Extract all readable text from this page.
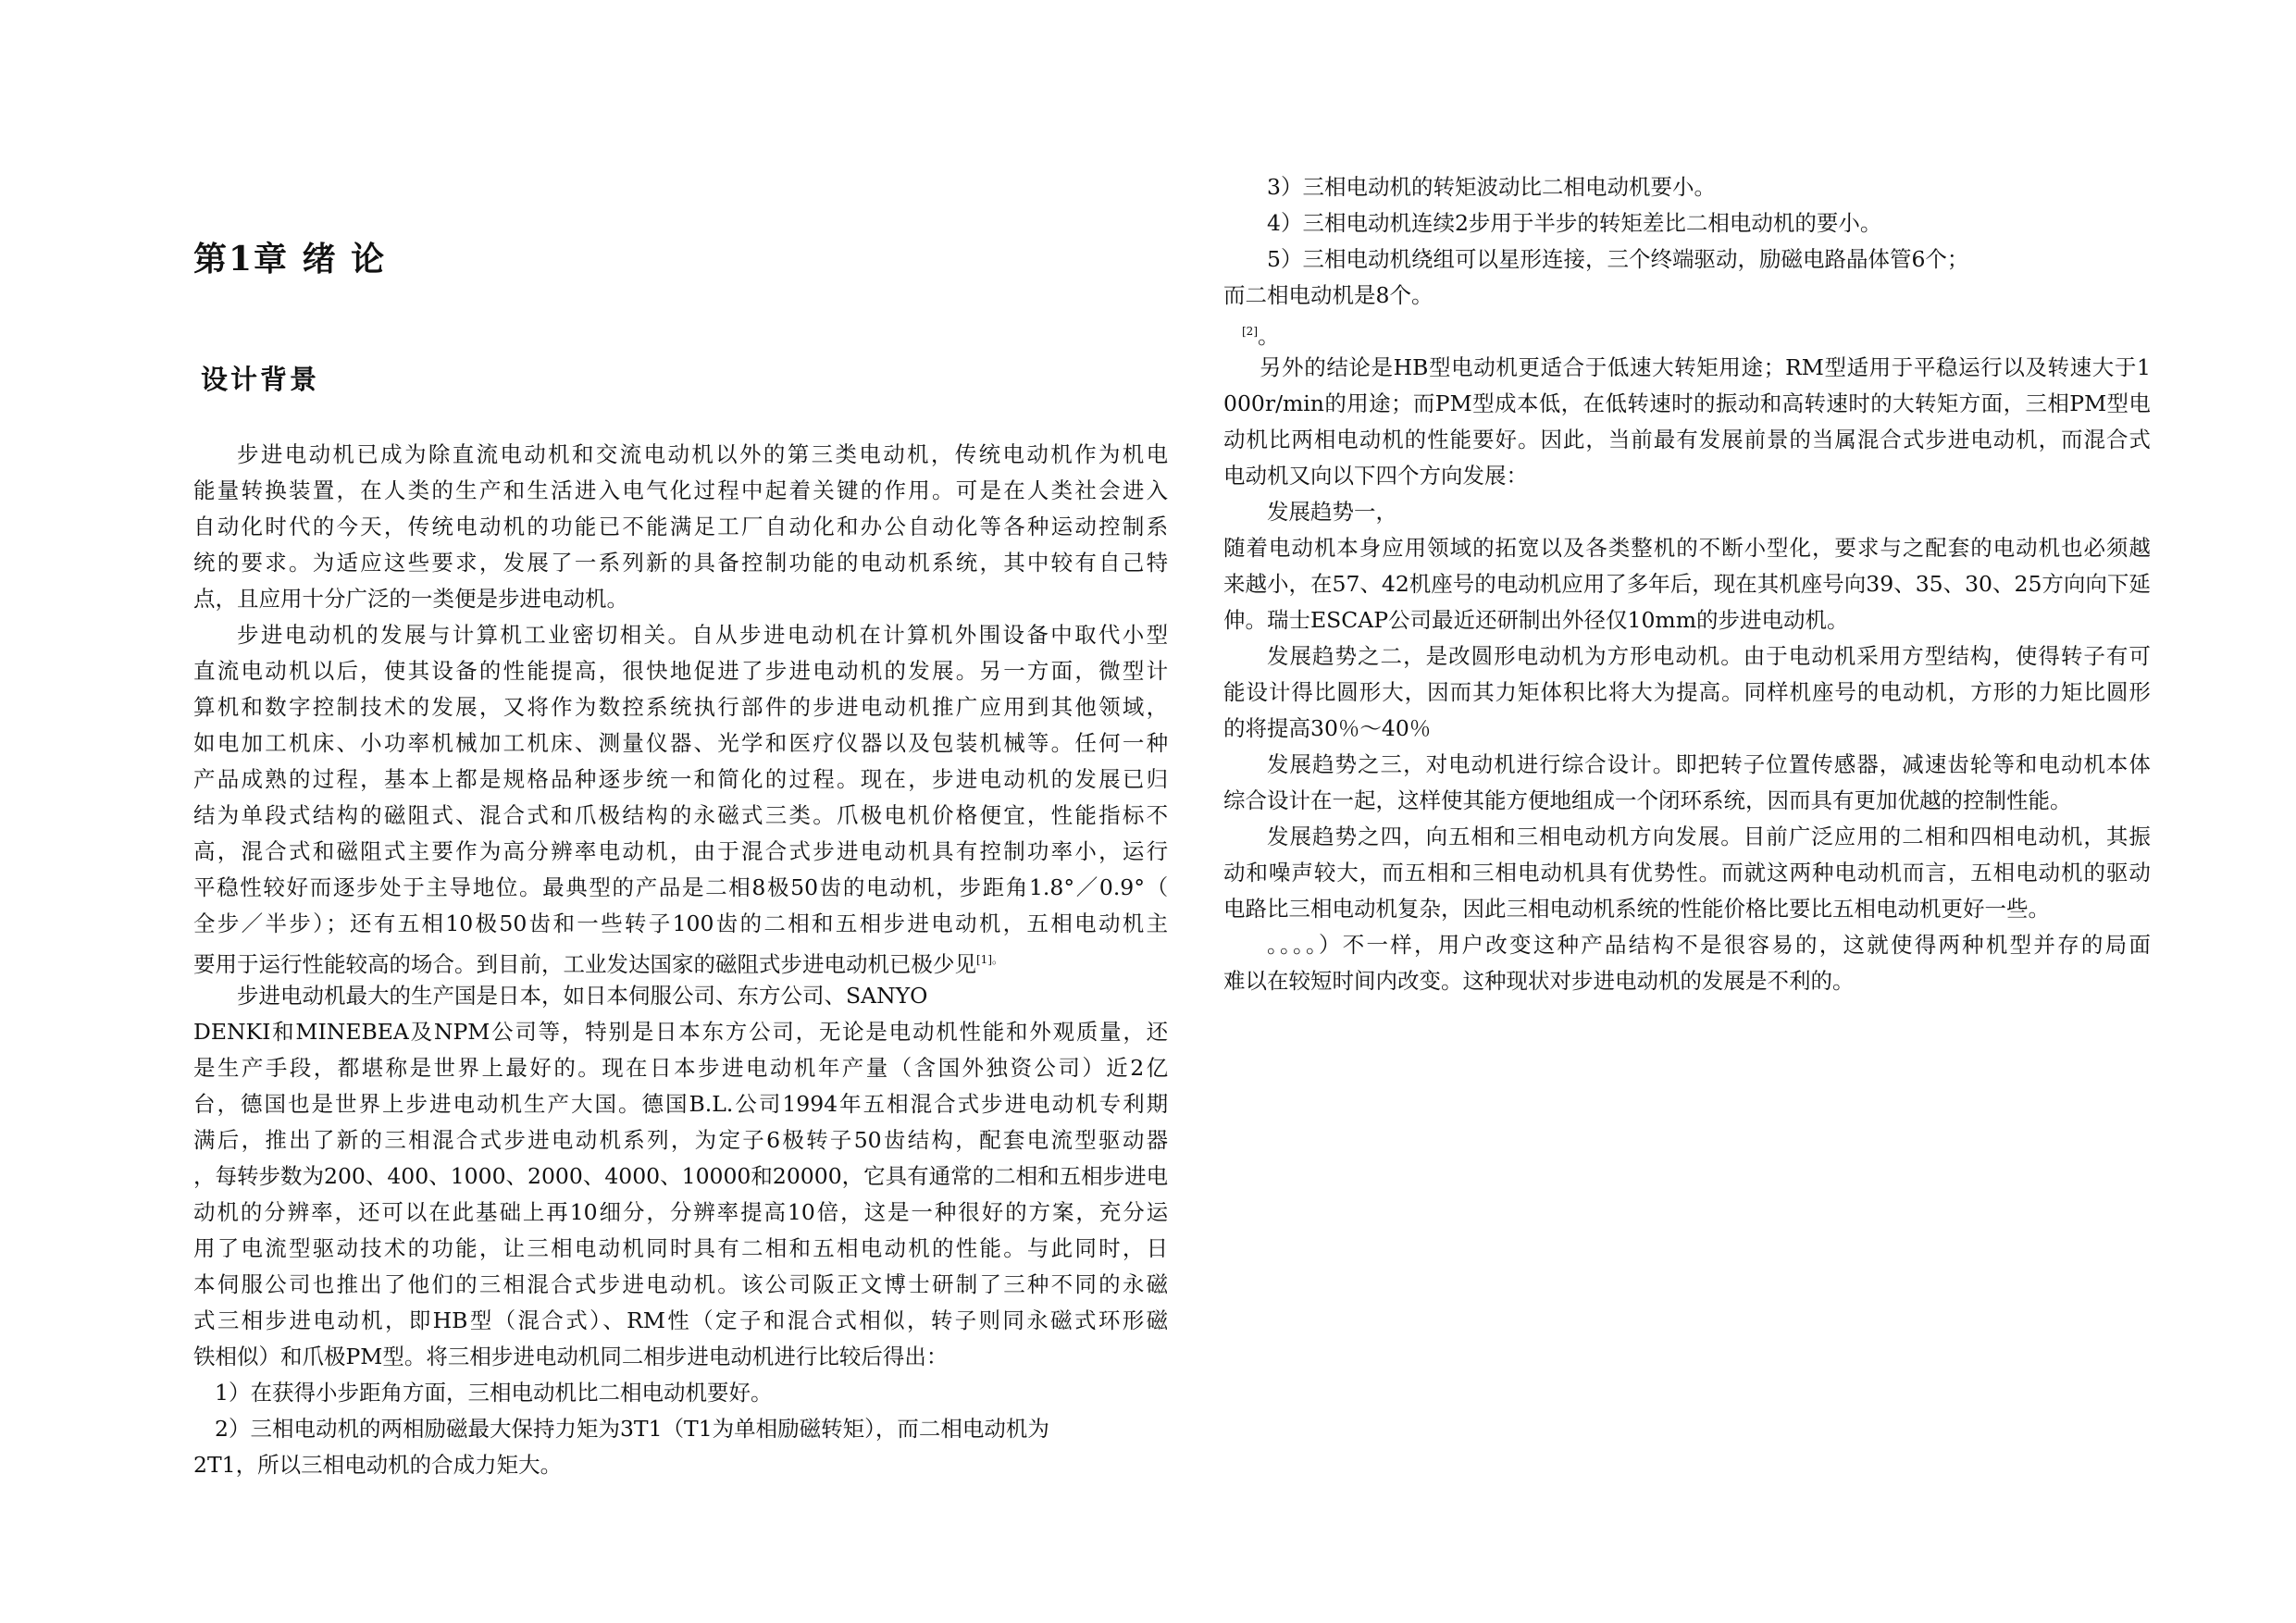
第1章 绪 论
设计背景
步进电动机已成为除直流电动机和交流电动机以外的第三类电动机，传统电动机作为机电
能量转换装置，在人类的生产和生活进入电气化过程中起着关键的作用。可是在人类社会进入
自动化时代的今天，传统电动机的功能已不能满足工厂自动化和办公自动化等各种运动控制系
统的要求。为适应这些要求，发展了一系列新的具备控制功能的电动机系统，其中较有自己特
点，且应用十分广泛的一类便是步进电动机。
步进电动机的发展与计算机工业密切相关。自从步进电动机在计算机外围设备中取代小型
直流电动机以后，使其设备的性能提高，很快地促进了步进电动机的发展。另一方面，微型计
算机和数字控制技术的发展，又将作为数控系统执行部件的步进电动机推广应用到其他领域，
如电加工机床、小功率机械加工机床、测量仪器、光学和医疗仪器以及包装机械等。任何一种
产品成熟的过程，基本上都是规格品种逐步统一和简化的过程。现在，步进电动机的发展已归
结为单段式结构的磁阻式、混合式和爪极结构的永磁式三类。爪极电机价格便宜，性能指标不
高，混合式和磁阻式主要作为高分辨率电动机，由于混合式步进电动机具有控制功率小，运行
平稳性较好而逐步处于主导地位。最典型的产品是二相8极50齿的电动机，步距角1.8°／0.9°（
全步／半步）；还有五相10极50齿和一些转子100齿的二相和五相步进电动机，五相电动机主
要用于运行性能较高的场合。到目前，工业发达国家的磁阻式步进电动机已极少见$^{[1]。}$
步进电动机最大的生产国是日本，如日本伺服公司、东方公司、SANYO
DENKI和MINEBEA及NPM公司等，特别是日本东方公司，无论是电动机性能和外观质量，还
是生产手段，都堪称是世界上最好的。现在日本步进电动机年产量（含国外独资公司）近2亿
台，德国也是世界上步进电动机生产大国。德国B.L.公司1994年五相混合式步进电动机专利期
满后，推出了新的三相混合式步进电动机系列，为定子6极转子50齿结构，配套电流型驱动器
，每转步数为200、400、1000、2000、4000、10000和20000，它具有通常的二相和五相步进电
动机的分辨率，还可以在此基础上再10细分，分辨率提高10倍，这是一种很好的方案，充分运
用了电流型驱动技术的功能，让三相电动机同时具有二相和五相电动机的性能。与此同时，日
本伺服公司也推出了他们的三相混合式步进电动机。该公司阪正文博士研制了三种不同的永磁
式三相步进电动机，即HB型（混合式）、RM性（定子和混合式相似，转子则同永磁式环形磁
铁相似）和爪极PM型。将三相步进电动机同二相步进电动机进行比较后得出：
1）在获得小步距角方面，三相电动机比二相电动机要好。
2）三相电动机的两相励磁最大保持力矩为3T1（T1为单相励磁转矩），而二相电动机为
2T1，所以三相电动机的合成力矩大。
3）三相电动机的转矩波动比二相电动机要小。
4）三相电动机连续2步用于半步的转矩差比二相电动机的要小。
5）三相电动机绕组可以星形连接，三个终端驱动，励磁电路晶体管6个；
而二相电动机是8个。
[2]。
另外的结论是HB型电动机更适合于低速大转矩用途；RM型适用于平稳运行以及转速大于1
000r/min的用途；而PM型成本低，在低转速时的振动和高转速时的大转矩方面，三相PM型电
动机比两相电动机的性能要好。因此，当前最有发展前景的当属混合式步进电动机，而混合式
电动机又向以下四个方向发展：
发展趋势一，
随着电动机本身应用领域的拓宽以及各类整机的不断小型化，要求与之配套的电动机也必须越
来越小，在57、42机座号的电动机应用了多年后，现在其机座号向39、35、30、25方向向下延
伸。瑞士ESCAP公司最近还研制出外径仅10mm的步进电动机。
发展趋势之二，是改圆形电动机为方形电动机。由于电动机采用方型结构，使得转子有可
能设计得比圆形大，因而其力矩体积比将大为提高。同样机座号的电动机，方形的力矩比圆形
的将提高30％～40％
发展趋势之三，对电动机进行综合设计。即把转子位置传感器，减速齿轮等和电动机本体
综合设计在一起，这样使其能方便地组成一个闭环系统，因而具有更加优越的控制性能。
发展趋势之四，向五相和三相电动机方向发展。目前广泛应用的二相和四相电动机，其振
动和噪声较大，而五相和三相电动机具有优势性。而就这两种电动机而言，五相电动机的驱动
电路比三相电动机复杂，因此三相电动机系统的性能价格比要比五相电动机更好一些。
。。。。）不一样，用户改变这种产品结构不是很容易的，这就使得两种机型并存的局面
难以在较短时间内改变。这种现状对步进电动机的发展是不利的。
